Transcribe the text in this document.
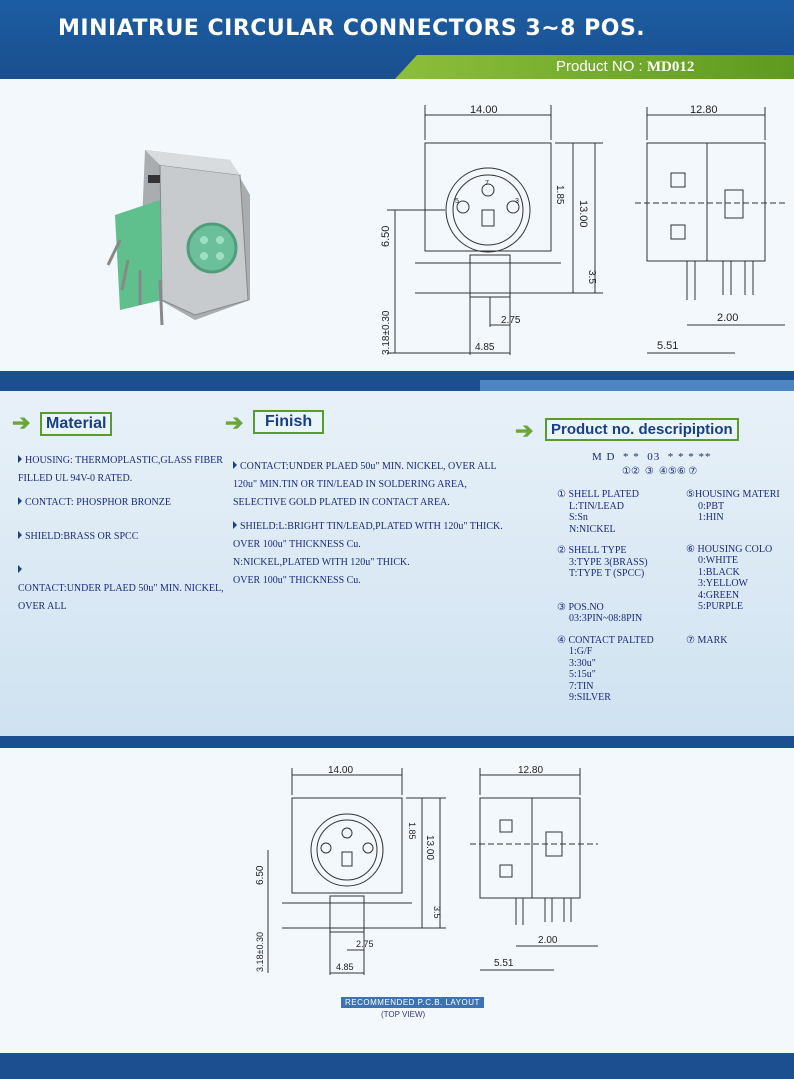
MINIATRUE CIRCULAR CONNECTORS 3~8 POS.
Product NO : MD012
14.00
1.85
13.00
6.50
3.5
3.18±0.30	2.75
4.85
7
5	3
12.80
2.00
5.51
➔ Material
HOUSING: THERMOPLASTIC,GLASS FIBER
FILLED UL 94V-0 RATED.
CONTACT: PHOSPHOR BRONZE
SHIELD:BRASS OR SPCC
CONTACT:UNDER PLAED 50u" MIN. NICKEL,
OVER ALL
➔	Finish
CONTACT:UNDER PLAED 50u" MIN. NICKEL, OVER ALL
120u" MIN.TIN OR TIN/LEAD IN SOLDERING AREA,
SELECTIVE GOLD PLATED IN CONTACT AREA.
SHIELD:L:BRIGHT TIN/LEAD,PLATED WITH 120u" THICK.
OVER 100u" THICKNESS Cu.
N:NICKEL,PLATED WITH 120u" THICK.
OVER 100u" THICKNESS Cu.
➔	Product no. descripiption
M D  * *  03  * * * **
①②  ③  ④⑤⑥ ⑦
① SHELL PLATED
L:TIN/LEAD
S:Sn
N:NICKEL
② SHELL TYPE
3:TYPE 3(BRASS)
T:TYPE T (SPCC)
③ POS.NO
03:3PIN~08:8PIN
④ CONTACT PALTED
1:G/F
3:30u"
5:15u"
7:TIN
9:SILVER
⑤HOUSING MATERI
0:PBT
1:HIN
⑥ HOUSING COLO
0:WHITE
1:BLACK
3:YELLOW
4:GREEN
5:PURPLE
⑦ MARK
14.00
1.85
13.00
6.50
3.5
3.18±0.30	2.75
4.85
12.80
2.00
5.51
RECOMMENDED P.C.B. LAYOUT
(TOP VIEW)
